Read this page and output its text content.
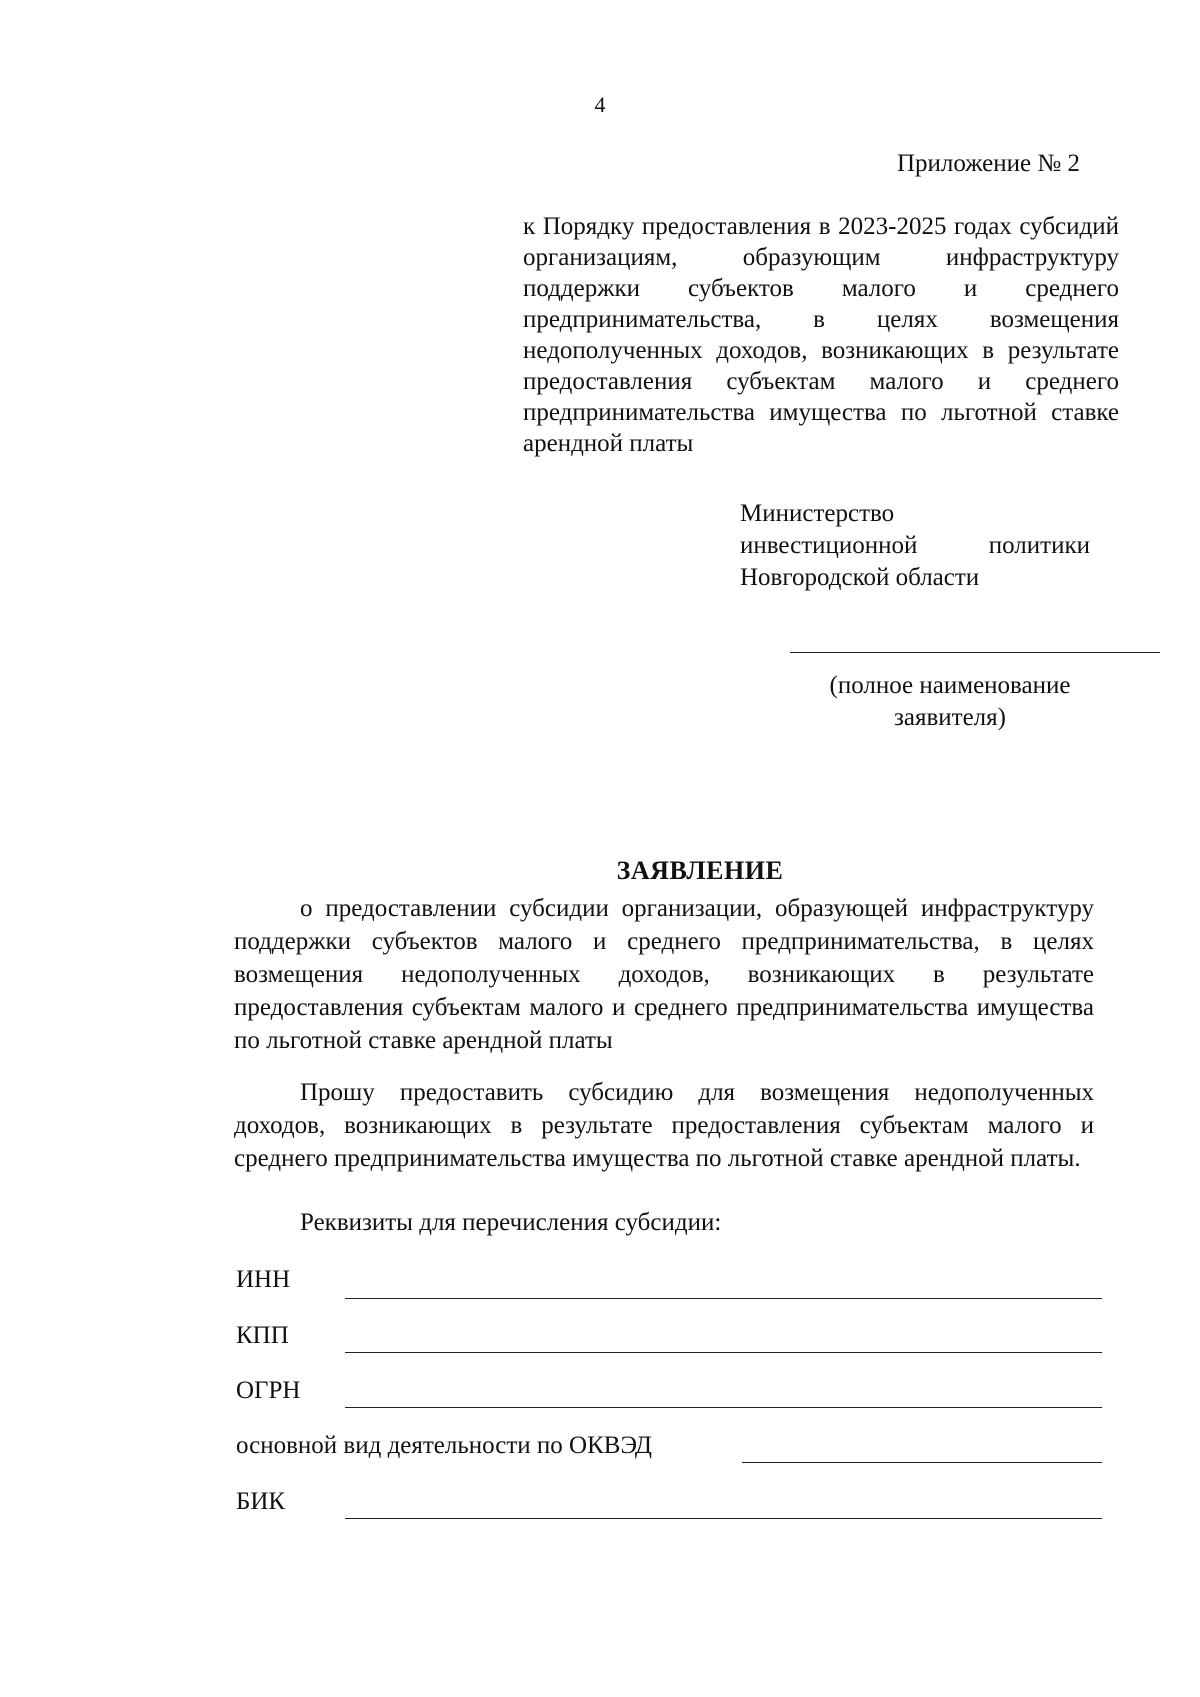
4
Приложение № 2
к Порядку предоставления в 2023-2025 годах субсидий организациям, образующим инфраструктуру поддержки субъектов малого и среднего предпринимательства, в целях возмещения недополученных доходов, возникающих в результате предоставления субъектам малого и среднего предпринимательства имущества по льготной ставке арендной платы
Министерство
инвестиционной политики
Новгородской области
(полное наименование
заявителя)
ЗАЯВЛЕНИЕ
о предоставлении субсидии организации, образующей инфраструктуру поддержки субъектов малого и среднего предпринимательства, в целях возмещения недополученных доходов, возникающих в результате предоставления субъектам малого и среднего предпринимательства имущества по льготной ставке арендной платы
Прошу предоставить субсидию для возмещения недополученных доходов, возникающих в результате предоставления субъектам малого и среднего предпринимательства имущества по льготной ставке арендной платы.
Реквизиты для перечисления субсидии:
ИНН
КПП
ОГРН
основной вид деятельности по ОКВЭД
БИК
